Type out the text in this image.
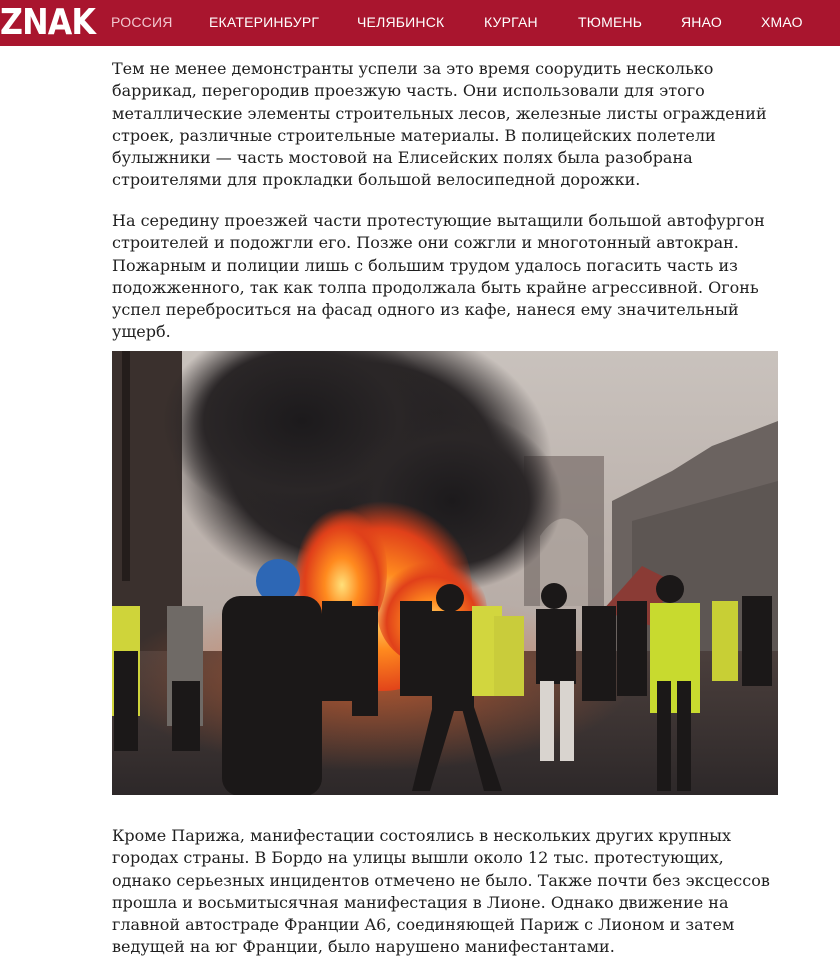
ZNAK РОССИЯ	ЕКАТЕРИНБУРГ	ЧЕЛЯБИНСК	КУРГАН	ТЮМЕНЬ	ЯНАО	ХМАО

Тем не менее демонстранты успели за это время соорудить несколько баррикад, перегородив проезжую часть. Они использовали для этого металлические элементы строительных лесов, железные листы ограждений строек, различные строительные материалы. В полицейских полетели булыжники — часть мостовой на Елисейских полях была разобрана строителями для прокладки большой велосипедной дорожки.

На середину проезжей части протестующие вытащили большой автофургон строителей и подожгли его. Позже они сожгли и многотонный автокран. Пожарным и полиции лишь с большим трудом удалось погасить часть из подожженного, так как толпа продолжала быть крайне агрессивной. Огонь успел переброситься на фасад одного из кафе, нанеся ему значительный ущерб.

Кроме Парижа, манифестации состоялись в нескольких других крупных городах страны. В Бордо на улицы вышли около 12 тыс. протестующих, однако серьезных инцидентов отмечено не было. Также почти без эксцессов прошла и восьмитысячная манифестация в Лионе. Однако движение на главной автостраде Франции A6, соединяющей Париж с Лионом и затем ведущей на юг Франции, было нарушено манифестантами.
